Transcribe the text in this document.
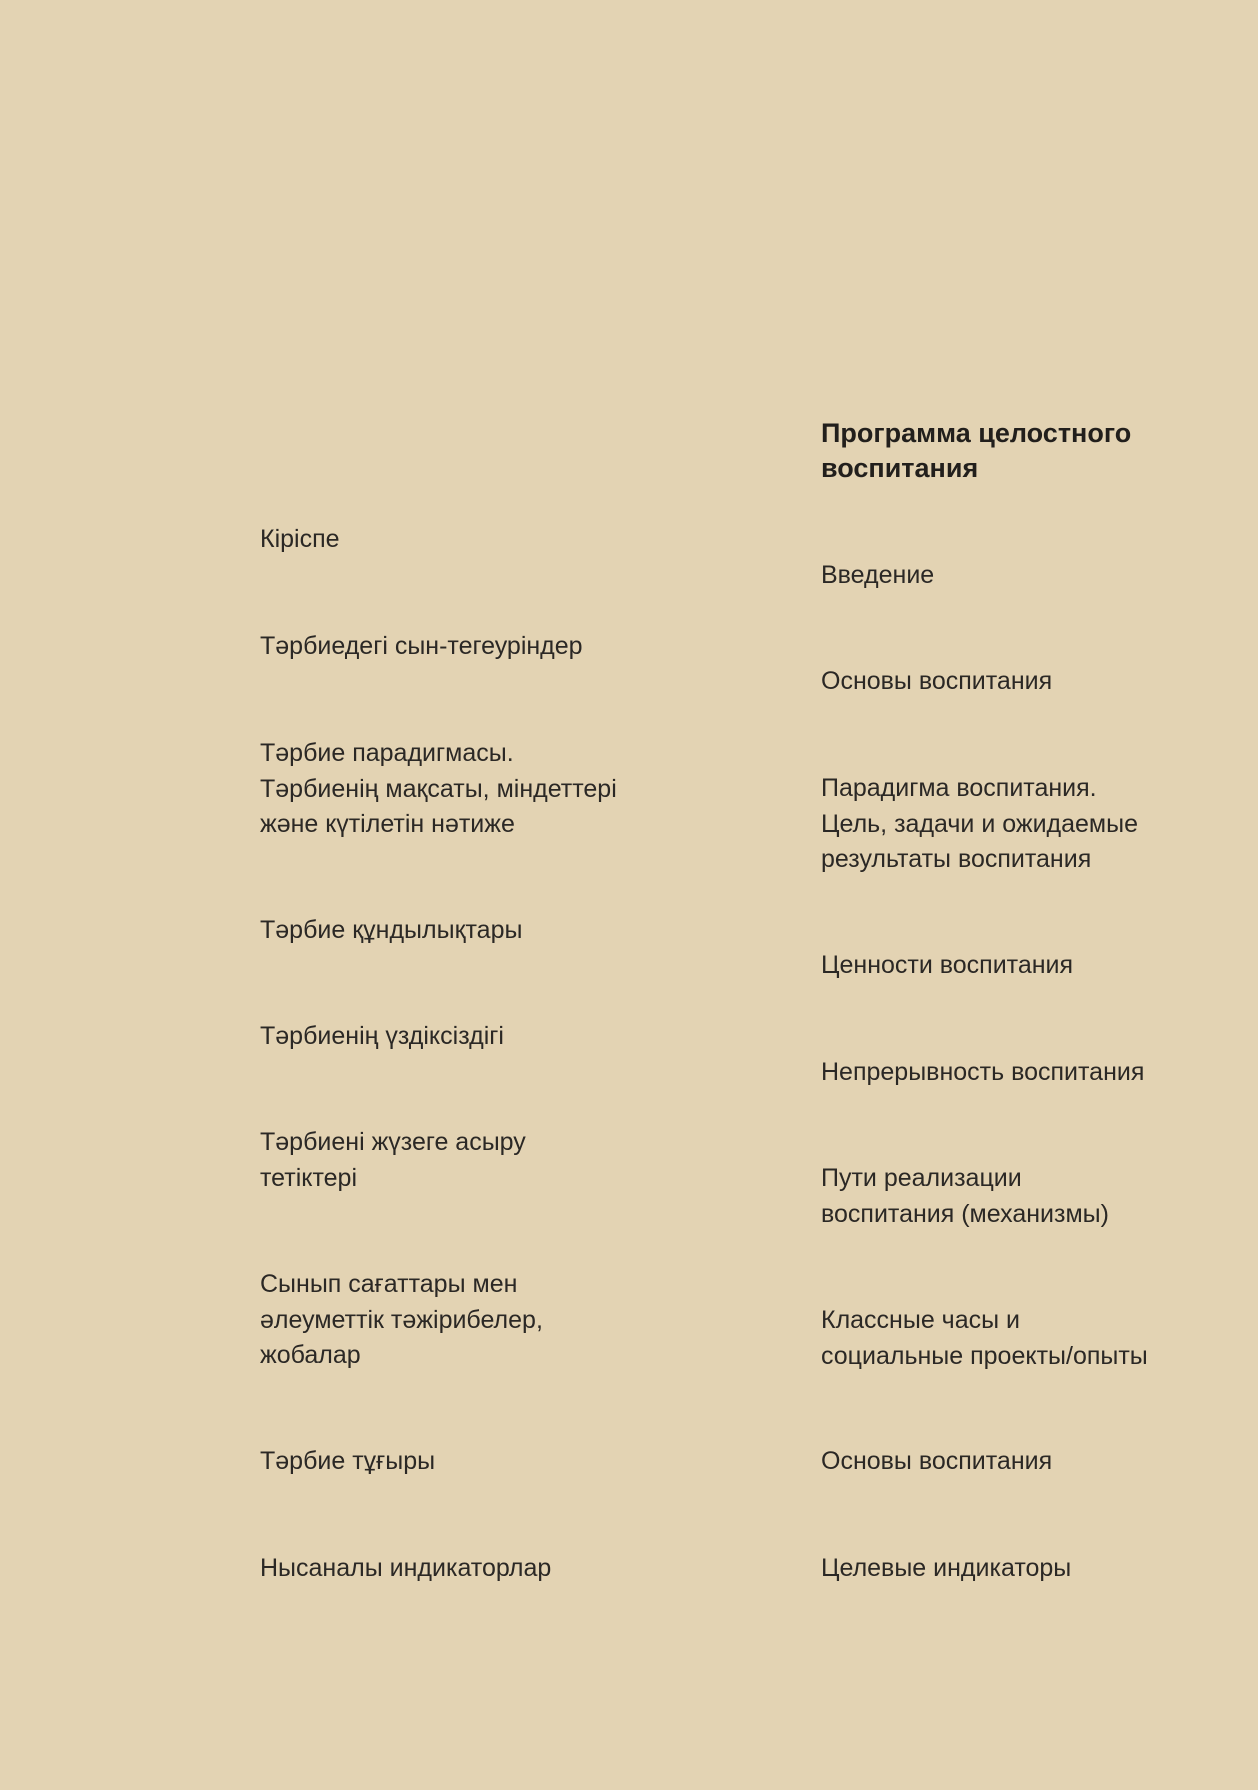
Кіріспе
Тәрбиедегі сын-тегеуріндер
Тәрбие парадигмасы.
Тәрбиенің мақсаты, міндеттері
және күтілетін нәтиже
Тәрбие құндылықтары
Тәрбиенің үздіксіздігі
Тәрбиені жүзеге асыру
тетіктері
Сынып сағаттары мен
әлеуметтік тәжірибелер,
жобалар
Тәрбие тұғыры
Нысаналы индикаторлар
Программа целостного
воспитания
Введение
Основы воспитания
Парадигма воспитания.
Цель, задачи и ожидаемые
результаты воспитания
Ценности воспитания
Непрерывность воспитания
Пути реализации
воспитания (механизмы)
Классные часы и
социальные проекты/опыты
Основы воспитания
Целевые индикаторы
